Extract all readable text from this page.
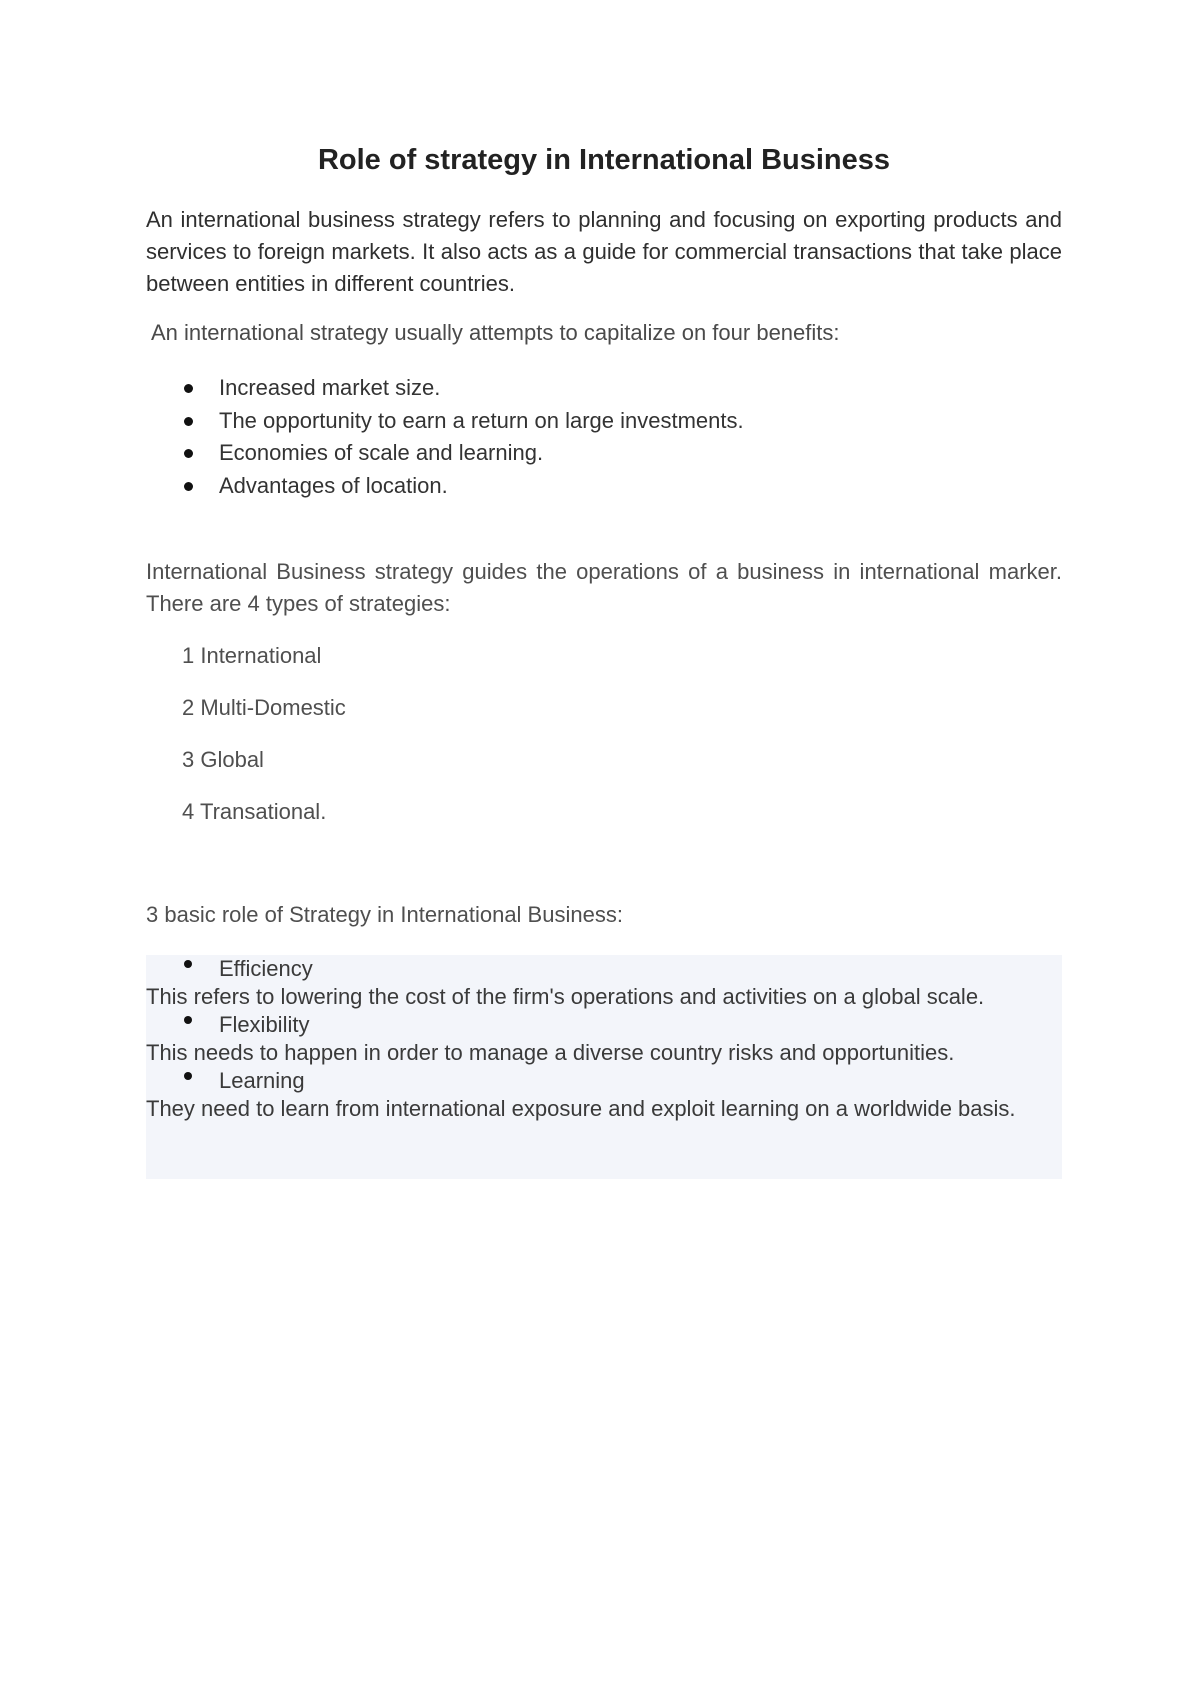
Role of strategy in International Business

An international business strategy refers to planning and focusing on exporting products and services to foreign markets. It also acts as a guide for commercial transactions that take place between entities in different countries.

An international strategy usually attempts to capitalize on four benefits:

Increased market size.
The opportunity to earn a return on large investments.
Economies of scale and learning.
Advantages of location.

International Business strategy guides the operations of a business in international marker. There are 4 types of strategies:

1 International
2 Multi-Domestic
3 Global
4 Transational.

3 basic role of Strategy in International Business:

Efficiency

This refers to lowering the cost of the firm's operations and activities on a global scale.

Flexibility

This needs to happen in order to manage a diverse country risks and opportunities.

Learning

They need to learn from international exposure and exploit learning on a worldwide basis.
